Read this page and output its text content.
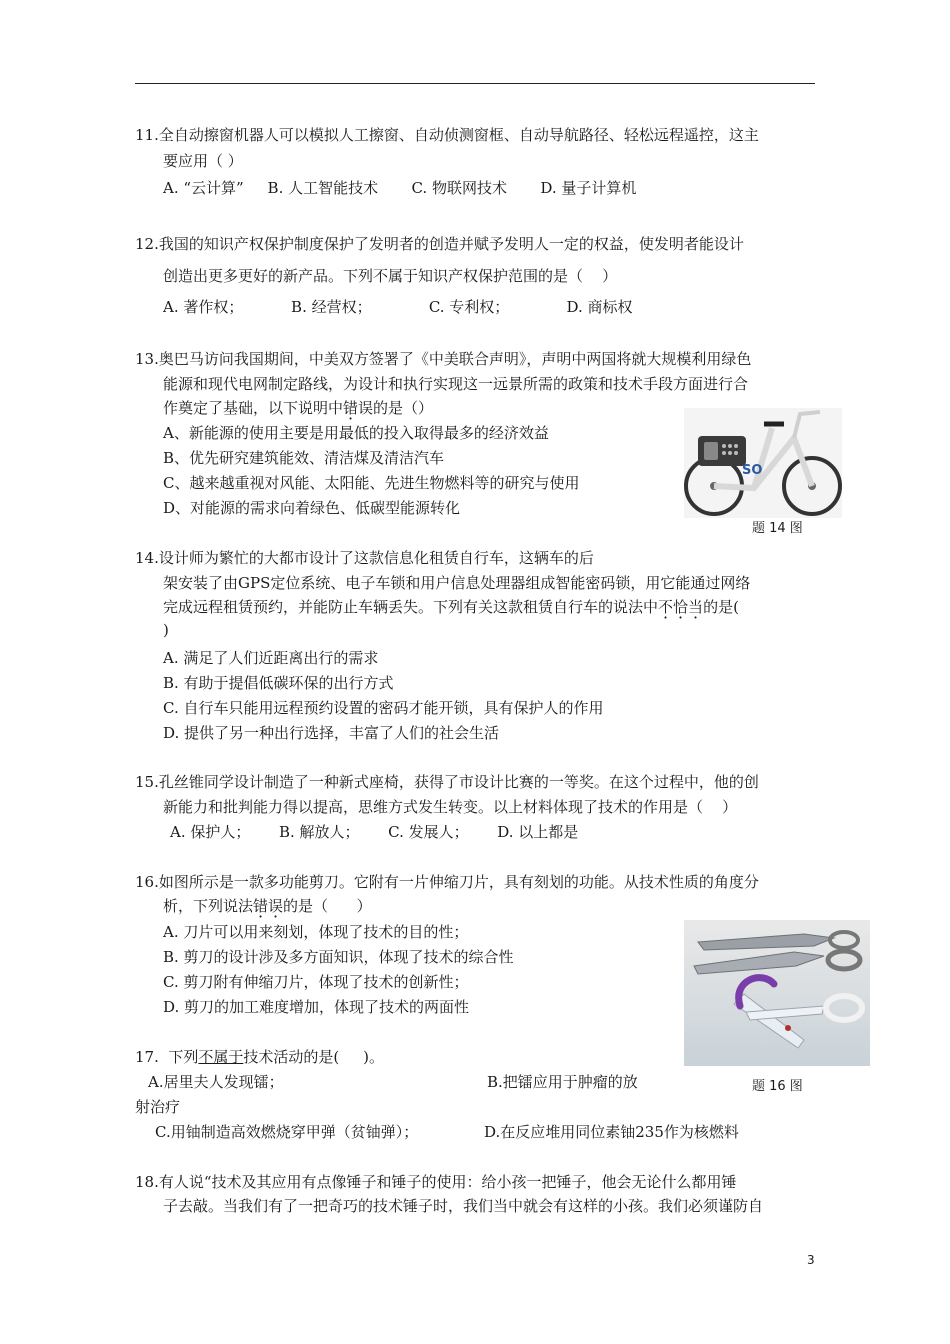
11.全自动擦窗机器人可以模拟人工擦窗、自动侦测窗框、自动导航路径、轻松远程遥控，这主
要应用（ ）
A. “云计算”     B. 人工智能技术       C. 物联网技术       D. 量子计算机
12.我国的知识产权保护制度保护了发明者的创造并赋予发明人一定的权益，使发明者能设计
创造出更多更好的新产品。下列不属于知识产权保护范围的是（    ）
A. 著作权；          B. 经营权；            C. 专利权；            D. 商标权
13.奥巴马访问我国期间，中美双方签署了《中美联合声明》，声明中两国将就大规模利用绿色
能源和现代电网制定路线，为设计和执行实现这一远景所需的政策和技术手段方面进行合
作奠定了基础，以下说明中错误的是（）
A、新能源的使用主要是用最低的投入取得最多的经济效益
B、优先研究建筑能效、清洁煤及清洁汽车
C、越来越重视对风能、太阳能、先进生物燃料等的研究与使用
D、对能源的需求向着绿色、低碳型能源转化
SO
题 14 图
14.设计师为繁忙的大都市设计了这款信息化租赁自行车，这辆车的后
架安装了由GPS定位系统、电子车锁和用户信息处理器组成智能密码锁，用它能通过网络
完成远程租赁预约，并能防止车辆丢失。下列有关这款租赁自行车的说法中不恰当的是(
)
A. 满足了人们近距离出行的需求
B. 有助于提倡低碳环保的出行方式
C. 自行车只能用远程预约设置的密码才能开锁，具有保护人的作用
D. 提供了另一种出行选择，丰富了人们的社会生活
15.孔丝锥同学设计制造了一种新式座椅，获得了市设计比赛的一等奖。在这个过程中，他的创
新能力和批判能力得以提高，思维方式发生转变。以上材料体现了技术的作用是（    ）
A. 保护人；      B. 解放人；      C. 发展人；      D. 以上都是
16.如图所示是一款多功能剪刀。它附有一片伸缩刀片，具有刻划的功能。从技术性质的角度分
析，下列说法错误的是（      ）
A. 刀片可以用来刻划，体现了技术的目的性；
B. 剪刀的设计涉及多方面知识，体现了技术的综合性
C. 剪刀附有伸缩刀片，体现了技术的创新性；
D. 剪刀的加工难度增加，体现了技术的两面性
题 16 图
17.  下列不属于技术活动的是(     )。
A.居里夫人发现镭；	B.把镭应用于肿瘤的放
射治疗
C.用铀制造高效燃烧穿甲弹（贫铀弹）；	D.在反应堆用同位素铀235作为核燃料
18.有人说“技术及其应用有点像锤子和锤子的使用：给小孩一把锤子，他会无论什么都用锤
子去敲。当我们有了一把奇巧的技术锤子时，我们当中就会有这样的小孩。我们必须谨防自
3
